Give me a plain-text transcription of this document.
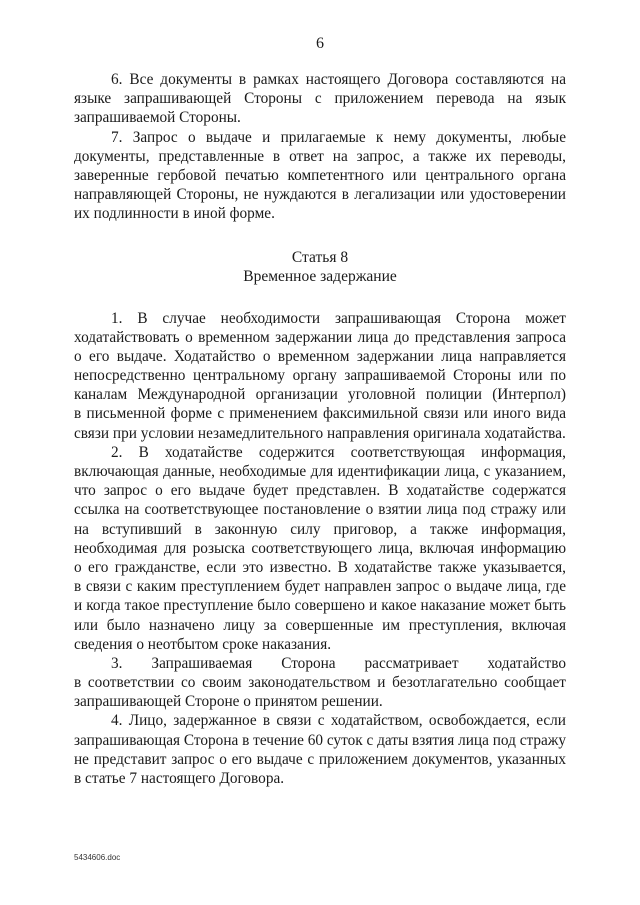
6
6. Все документы в рамках настоящего Договора составляются на
языке запрашивающей Стороны с приложением перевода на язык
запрашиваемой Стороны.
7. Запрос о выдаче и прилагаемые к нему документы, любые
документы, представленные в ответ на запрос, а также их переводы,
заверенные гербовой печатью компетентного или центрального органа
направляющей Стороны, не нуждаются в легализации или удостоверении
их подлинности в иной форме.
Статья 8
Временное задержание
1. В случае необходимости запрашивающая Сторона может
ходатайствовать о временном задержании лица до представления запроса
о его выдаче. Ходатайство о временном задержании лица направляется
непосредственно центральному органу запрашиваемой Стороны или по
каналам Международной организации уголовной полиции (Интерпол)
в письменной форме с применением факсимильной связи или иного вида
связи при условии незамедлительного направления оригинала ходатайства.
2. В ходатайстве содержится соответствующая информация,
включающая данные, необходимые для идентификации лица, с указанием,
что запрос о его выдаче будет представлен. В ходатайстве содержатся
ссылка на соответствующее постановление о взятии лица под стражу или
на вступивший в законную силу приговор, а также информация,
необходимая для розыска соответствующего лица, включая информацию
о его гражданстве, если это известно. В ходатайстве также указывается,
в связи с каким преступлением будет направлен запрос о выдаче лица, где
и когда такое преступление было совершено и какое наказание может быть
или было назначено лицу за совершенные им преступления, включая
сведения о неотбытом сроке наказания.
3. Запрашиваемая Сторона рассматривает ходатайство
в соответствии со своим законодательством и безотлагательно сообщает
запрашивающей Стороне о принятом решении.
4. Лицо, задержанное в связи с ходатайством, освобождается, если
запрашивающая Сторона в течение 60 суток с даты взятия лица под стражу
не представит запрос о его выдаче с приложением документов, указанных
в статье 7 настоящего Договора.
5434606.doc
